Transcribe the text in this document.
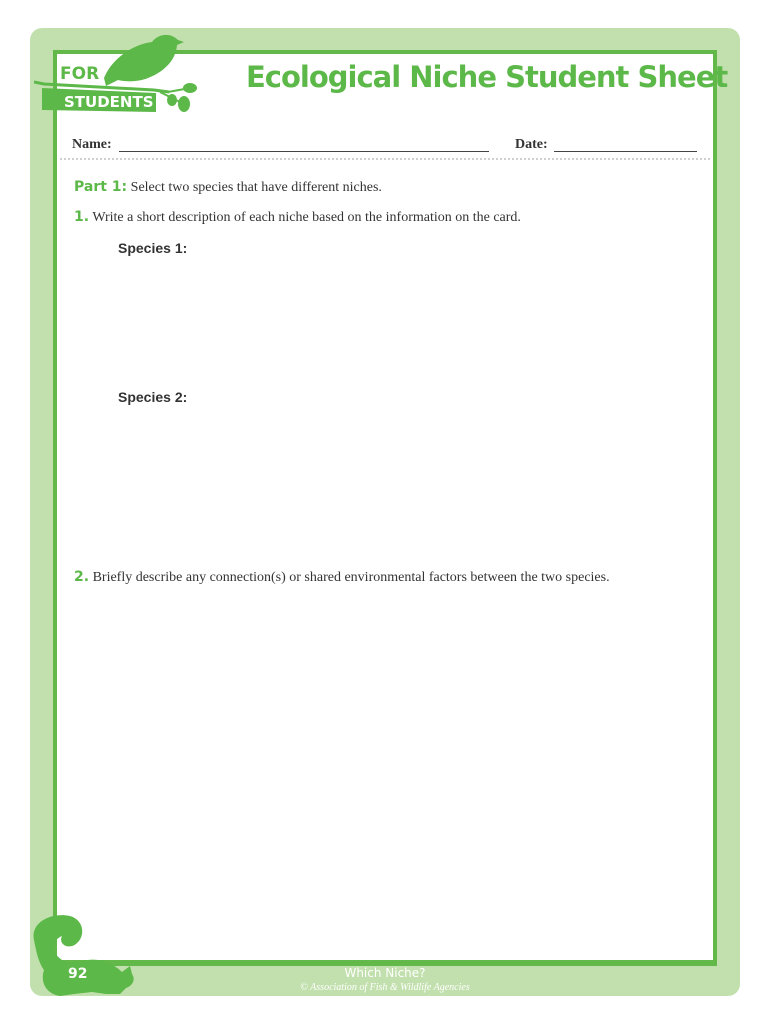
FOR
STUDENTS
Ecological Niche Student Sheet
Name:	Date:
Part 1: Select two species that have different niches.
1. Write a short description of each niche based on the information on the card.
Species 1:
Species 2:
2. Briefly describe any connection(s) or shared environmental factors between the two species.
92	Which Niche?
© Association of Fish & Wildlife Agencies
